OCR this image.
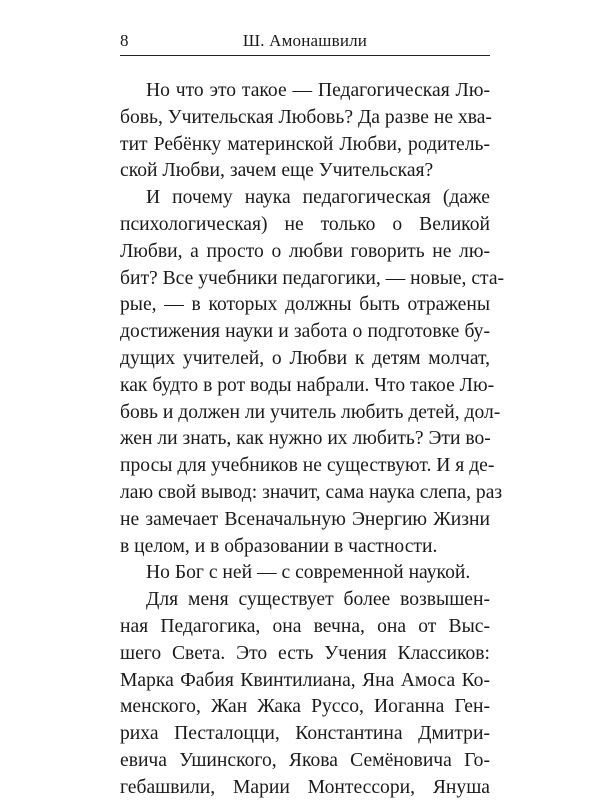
8	Ш. Амонашвили
Но что это такое — Педагогическая Лю-
бовь, Учительская Любовь? Да разве не хва-
тит Ребёнку материнской Любви, родитель-
ской Любви, зачем еще Учительская?
И почему наука педагогическая (даже
психологическая) не только о Великой
Любви, а просто о любви говорить не лю-
бит? Все учебники педагогики, — новые, ста-
рые, — в которых должны быть отражены
достижения науки и забота о подготовке бу-
дущих учителей, о Любви к детям молчат,
как будто в рот воды набрали. Что такое Лю-
бовь и должен ли учитель любить детей, дол-
жен ли знать, как нужно их любить? Эти во-
просы для учебников не существуют. И я де-
лаю свой вывод: значит, сама наука слепа, раз
не замечает Всеначальную Энергию Жизни
в целом, и в образовании в частности.
Но Бог с ней — с современной наукой.
Для меня существует более возвышен-
ная Педагогика, она вечна, она от Выс-
шего Света. Это есть Учения Классиков:
Марка Фабия Квинтилиана, Яна Амоса Ко-
менского, Жан Жака Руссо, Иоганна Ген-
риха Песталоцци, Константина Дмитри-
евича Ушинского, Якова Семёновича Го-
гебашвили, Марии Монтессори, Януша
